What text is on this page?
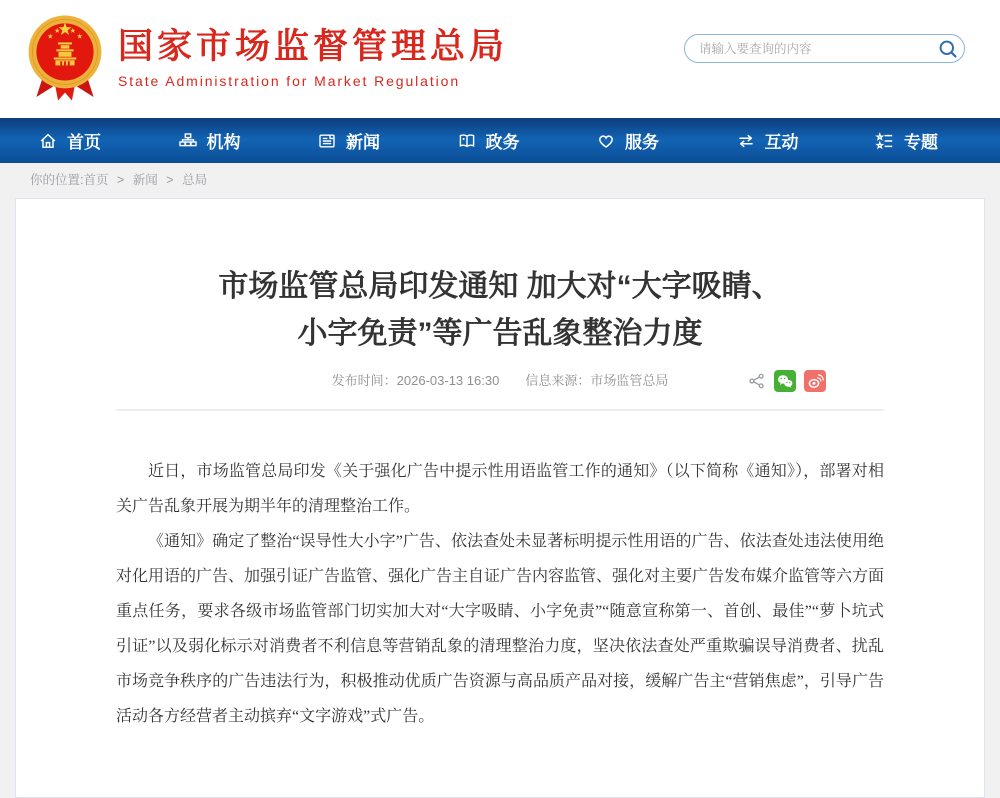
国家市场监督管理总局
State Administration for Market Regulation
请输入要查询的内容
首页	机构	新闻	政务	服务	互动	专题
你的位置:首页 > 新闻 > 总局
市场监管总局印发通知 加大对“大字吸睛、
小字免责”等广告乱象整治力度
发布时间：2026-03-13 16:30 信息来源：市场监管总局

近日，市场监管总局印发《关于强化广告中提示性用语监管工作的通知》（以下简称《通知》），部署对相关广告乱象开展为期半年的清理整治工作。

《通知》确定了整治“误导性大小字”广告、依法查处未显著标明提示性用语的广告、依法查处违法使用绝对化用语的广告、加强引证广告监管、强化广告主自证广告内容监管、强化对主要广告发布媒介监管等六方面重点任务，要求各级市场监管部门切实加大对“大字吸睛、小字免责”“随意宣称第一、首创、最佳”“萝卜坑式引证”以及弱化标示对消费者不利信息等营销乱象的清理整治力度，坚决依法查处严重欺骗误导消费者、扰乱市场竞争秩序的广告违法行为，积极推动优质广告资源与高品质产品对接，缓解广告主“营销焦虑”，引导广告活动各方经营者主动摈弃“文字游戏”式广告。
